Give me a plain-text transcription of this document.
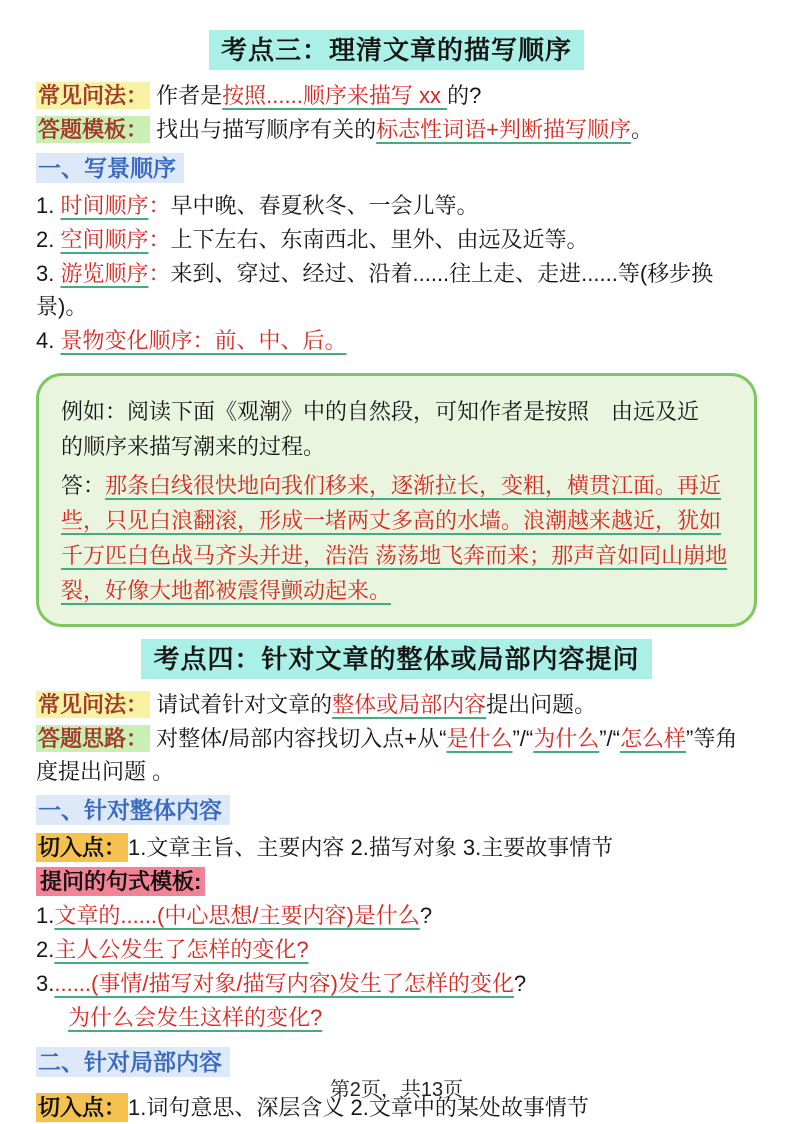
考点三：理清文章的描写顺序
常见问法： 作者是按照......顺序来描写 xx 的?
答题模板： 找出与描写顺序有关的标志性词语+判断描写顺序。
一、写景顺序
1. 时间顺序：早中晚、春夏秋冬、一会儿等。
2. 空间顺序：上下左右、东南西北、里外、由远及近等。
3. 游览顺序：来到、穿过、经过、沿着......往上走、走进......等(移步换景)。
4. 景物变化顺序：前、中、后。
例如：阅读下面《观潮》中的自然段，可知作者是按照　由远及近　的顺序来描写潮来的过程。
答：那条白线很快地向我们移来，逐渐拉长，变粗，横贯江面。再近些，只见白浪翻滚，形成一堵两丈多高的水墙。浪潮越来越近，犹如千万匹白色战马齐头并进，浩浩 荡荡地飞奔而来；那声音如同山崩地裂，好像大地都被震得颤动起来。
考点四：针对文章的整体或局部内容提问
常见问法： 请试着针对文章的整体或局部内容提出问题。
答题思路： 对整体/局部内容找切入点+从“是什么”/“为什么”/“怎么样”等角度提出问题 。
一、针对整体内容
切入点：1.文章主旨、主要内容 2.描写对象 3.主要故事情节
提问的句式模板:
1.文章的......(中心思想/主要内容)是什么?
2.主人公发生了怎样的变化?
3.......(事情/描写对象/描写内容)发生了怎样的变化?
为什么会发生这样的变化?
二、针对局部内容
切入点：1.词句意思、深层含义 2.文章中的某处故事情节
第2页，共13页
